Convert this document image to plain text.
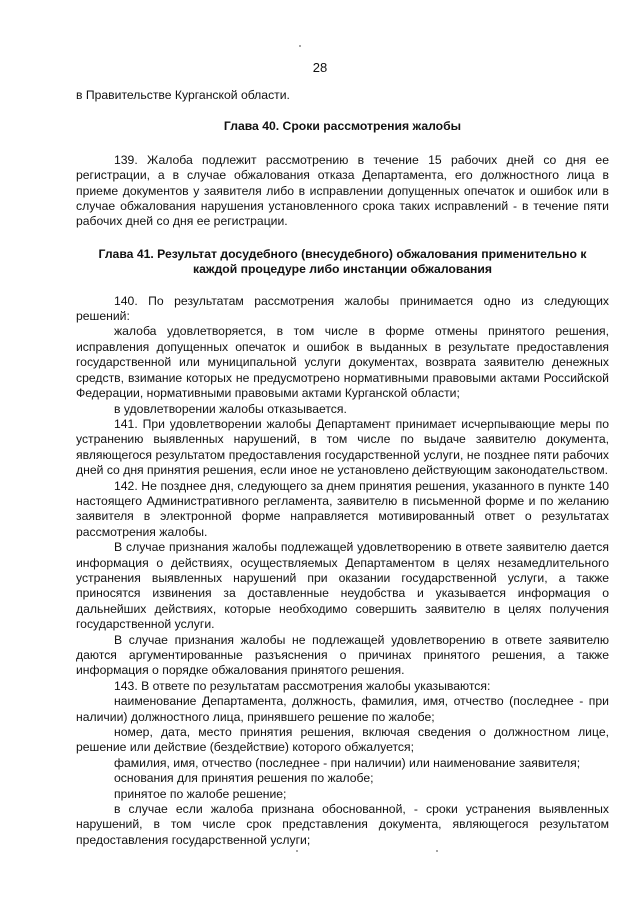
28

в Правительстве Курганской области.

Глава 40. Сроки рассмотрения жалобы

139. Жалоба подлежит рассмотрению в течение 15 рабочих дней со дня ее регистрации, а в случае обжалования отказа Департамента, его должностного лица в приеме документов у заявителя либо в исправлении допущенных опечаток и ошибок или в случае обжалования нарушения установленного срока таких исправлений - в течение пяти рабочих дней со дня ее регистрации.

Глава 41. Результат досудебного (внесудебного) обжалования применительно к каждой процедуре либо инстанции обжалования

140. По результатам рассмотрения жалобы принимается одно из следующих решений:

жалоба удовлетворяется, в том числе в форме отмены принятого решения, исправления допущенных опечаток и ошибок в выданных в результате предоставления государственной или муниципальной услуги документах, возврата заявителю денежных средств, взимание которых не предусмотрено нормативными правовыми актами Российской Федерации, нормативными правовыми актами Курганской области;

в удовлетворении жалобы отказывается.

141. При удовлетворении жалобы Департамент принимает исчерпывающие меры по устранению выявленных нарушений, в том числе по выдаче заявителю документа, являющегося результатом предоставления государственной услуги, не позднее пяти рабочих дней со дня принятия решения, если иное не установлено действующим законодательством.

142. Не позднее дня, следующего за днем принятия решения, указанного в пункте 140 настоящего Административного регламента, заявителю в письменной форме и по желанию заявителя в электронной форме направляется мотивированный ответ о результатах рассмотрения жалобы.

В случае признания жалобы подлежащей удовлетворению в ответе заявителю дается информация о действиях, осуществляемых Департаментом в целях незамедлительного устранения выявленных нарушений при оказании государственной услуги, а также приносятся извинения за доставленные неудобства и указывается информация о дальнейших действиях, которые необходимо совершить заявителю в целях получения государственной услуги.

В случае признания жалобы не подлежащей удовлетворению в ответе заявителю даются аргументированные разъяснения о причинах принятого решения, а также информация о порядке обжалования принятого решения.

143. В ответе по результатам рассмотрения жалобы указываются:

наименование Департамента, должность, фамилия, имя, отчество (последнее - при наличии) должностного лица, принявшего решение по жалобе;

номер, дата, место принятия решения, включая сведения о должностном лице, решение или действие (бездействие) которого обжалуется;

фамилия, имя, отчество (последнее - при наличии) или наименование заявителя;

основания для принятия решения по жалобе;

принятое по жалобе решение;

в случае если жалоба признана обоснованной, - сроки устранения выявленных нарушений, в том числе срок представления документа, являющегося результатом предоставления государственной услуги;
